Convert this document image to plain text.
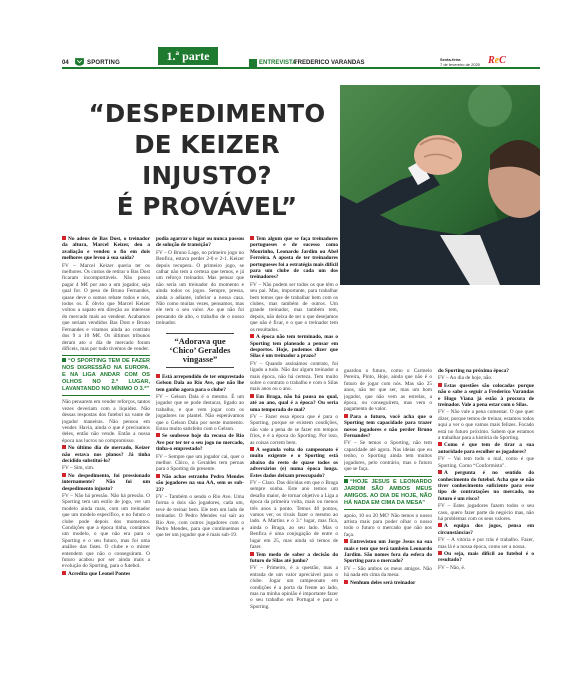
04	SPORTING	1.ª parte	ENTREVISTA
FREDERICO VARANDAS
Sexta-feira
7 de fevereiro de 2020 ReC
“DESPEDIMENTO
DE KEIZER
INJUSTO?
É PROVÁVEL”

No adeus de Bas Dost, o treinador da altura, Marcel Keizer, deu a avaliação e vendeu o fio em dois melhores que levou à sua saída?

FV – Marcel Keizer queria ter os melhores. Os custos de retirar o Bas Dost ficaram incomportáveis. Não posso pagar 4 M€ por ano a um jogador, seja qual for. O peso de Bruno Fernandes, quase deve o somos rebate todos e nós, todos os. É óbvio que Marcel Keizer voltou a sapato em direção ao interesse do mercado mais ao vendeur. Acabamos que seriam vendidos Bas Dost e Bruno Fernandes e vitamos ainda ao contrato dos 9 a 10 M€. Os últimos tribunos deram ato o dia de mercado foram difíceis, mas por tudo tivemos de vender.

“O SPORTING TEM DE FAZER NOS DIGRESSÃO NA EUROPA. E NA LIGA ANDAR COM OS OLHOS NO 2.º LUGAR, LAVANTANDO NO MÍNIMO O 3.º”

Não pensarem em vender reforços, tantos vezes deveriam com a liquidez. Não dessas respostas dos futebol na vante de jogador maneiras. Não pensou em vender. Havia, ainda o que é precisamos deles, então não vende. Então a nossa época nas lucros no compromisso.

No último dia de mercado, Keizer não estava nos planos? Já tinha decidido substituí-lo?

FV – Sim, sim.

No despedimento, foi pressionado internamente? Não foi um despedimento injusto?

FV – Não há pressão. Não há pressão. O Sporting tem um estilo de jogo, ver um modelo ainda mais, com um treinador que um modelo específico, e no futuro o clube pode depois dos momentos. Condições que a época tinha, contámos um modelo, o que não era para o Sporting e o seu futuro, mas foi uma análise das fases. O clube e o mister entendem que não o conseguiram. O futuro acabou por ser ainda mais a evolução do Sporting, para o futebol.

Acredita que Leonel Pontes

podia agarrar o lugar ou nunca passou de solução de transição?

FV – O Bruno Lage, no primeiro jogo no Benfica, estava perder 2-0 e 2-1. Keizer depois recupera. O primeiro jogo, se calhar não tem a certeza que temos, e já um reforço treinador. Mas pensar que não seria um treinador do momento e ainda todos os jogos. Sempre, pressa, ainda a adiante, inferior a nossa casa. Não como muitas vezes, pensamos, mas ele tem o seu valor. Ao que não foi pensando de alto, o trabalho de o nosso treinador.

“Adorava que ‘Chico’ Geraldes vingasse”

Está arrependido de ter emprestado Gelson Dala ao Rio Ave, que não lhe tem ganho agora para o clube?

FV – Gelson Dala é o mesmo. É um jogador que se pode destacar, ligado ao trabalho, e que vem jogar com os jogadores no plantel. Não esperávamos que o Gelson Dala por neste momento. Estou muito satisfeito com o Gelson.

Se soubesse hoje da recusa de Rio Ave por ter ter o seu jogo no mercado, tinha-o emprestado?

FV – Sempre que um jogador cai, quer o melhor. Chico, o Geraldes tem pernas para o Sporting do presente.

Não achas estranho Pedro Mendes são jogadores na sua AA, sem os sub-23?

FV – Também o sendo o Rio Ave. Uma forma o dois são jogadores, cada um, teve de treinar bem. Ele tem um lado de treinador. O Pedro Mendes vai sair ao Rio Ave, com outros jogadores com o Pedro Mendes, para que continuemos e que ter um jogador que é mais sub-19.

Tem algum que se faça treinadores portugueses e de sucesso como Mourinho, Leonardo Jardim ou Abel Ferreira. A aposta de ter treinadores portugueses foi a estratégia mais difícil para um clube de cada um dos treinadores?

FV – Não podem ser todos os que têm o seu pai. Mas, importante, para trabalhar bem temos que de trabalhar bem com os clubes, mas também de outros. Um grande treinador, mas também tem, depois, não deixa de ser o que desejamos que não é ficar, e o que o treinador tem os resultados.

A época não tem terminado, mas o Sporting tem planeado a pensar em desportos. Hoje, podemos dizer que Silas é um treinador a prazo?

FV – Quando assinámos contrato, foi ligado a tudo. Não dar algum treinador a mais época, não há certeza. Tem muito sobre o contrato o trabalho e com o Silas mais anos ou o ano.

Em Braga, não há pausa no qual, até ao ano, qual é a época? Ou seria uma temporada de mal?

FV – Fazer essa época que é para o Sporting, porque se existem condições, não vale a pena de se fazer em tempos frios, e é a época do Sporting. Por isso, as coisas correm bem.

A segunda volta do campeonato é muito exigente e o Sporting está abaixo do resto de quase todos os adversários (e) numa época longa. Estes dados deixam preocupado?

FV – Claro. Das dúvidas em que o Braga sempre sonha. Este ano temos um desafio maior, de tornar objetivo a Liga a época da primeira volta, mais ou menos três anos a ponto. Temos 40 pontos, vamos ver, os rivais fazer o mesmo ao lado. A Martins e o 3.º lugar, mas fica, ainda o Braga, ao seu lado. Mas o Benfica é uma conjugação de entre o lugar em 25, mas ainda só temos de fazer.

Tem medo de saber a decisão do futuro de Silas até junho?

FV – Primeiro, é a questão, mas a entrada de um valor apreciável para o clube. Jogar um campeonato em condições é a porta da frente ao lado, mas na minha opinião é importante fazer o seu trabalho em Portugal e para o Sporting.

guardou o futuro, como o Carmelo Pereira, Pinto, Hoje, ainda que não é o futuro de jogar com nós. Mas são 25 anos, não ter que ser, mas um bom jogador, que não vem as estrelas, a época, ou conseguirem, mas vem o pagamento de valor.

Para o futuro, você acha que o Sporting tem capacidade para trazer novos jogadores e não perder Bruno Fernandes?

FV – Se temos o Sporting, não tem capacidade até agora. Nas ideias que eu tenho, o Sporting ainda tem muitos jogadores, pelo contrário, mas o futuro que se faça.

“HOJE JESUS E LEONARDO JARDIM SÃO AMBOS MEUS AMIGOS. AO DIA DE HOJE, NÃO HÁ NADA EM CIMA DA MESA”

apoio, 10 ou 20 M€? Não temos o nosso artista mais para poder olhar o nosso todo o futuro o mercado que não nos faça.

Entrevistou um Jorge Jesus na sua mais e tem que terá também Leonardo Jardim. São nomes fora da esfera do Sporting para o mercado?

FV – São ambos os meus amigos. Não há nada em cima da mesa.

Nenhum deles será treinador

do Sporting na próxima época?

FV – Ao dia de hoje, não.

Estas questões são colocadas porque não o sabe a seguir a Frederico Varandas e Hugo Viana já estão à procura de treinador. Vale a pena estar com o Silas.

FV – Não vale a pena comentar. O que quer dizer, porque temos de treinar, estamos todos aqui a ver o que vamos mais felizes. Focado está no futuro próximo. Sabem que estamos a trabalhar para a história do Sporting.

Como é que tem de tirar a sua autoridade para escolher os jogadores?

FV – Vai tem todo o mal, como é que Sporting. Como “Conformista”.

A pergunta é no sentido do conhecimento do futebol. Acha que se não tiver conhecimento suficiente para esse tipo de contratações no mercado, no futuro é um risco?

FV – Estes jogadores fazem todos o seu caso, quero fazer parte do negócio mas, não há problemas com os seus valores.

A equipa dos jogos, pensa em circunstâncias?

FV – A vitória e por trás é trabalho. Fazer, mas lá é a nossa época, como ser a nossa.

Ou seja, mais difícil ao futebol é o resultado?

FV – Não, é.
